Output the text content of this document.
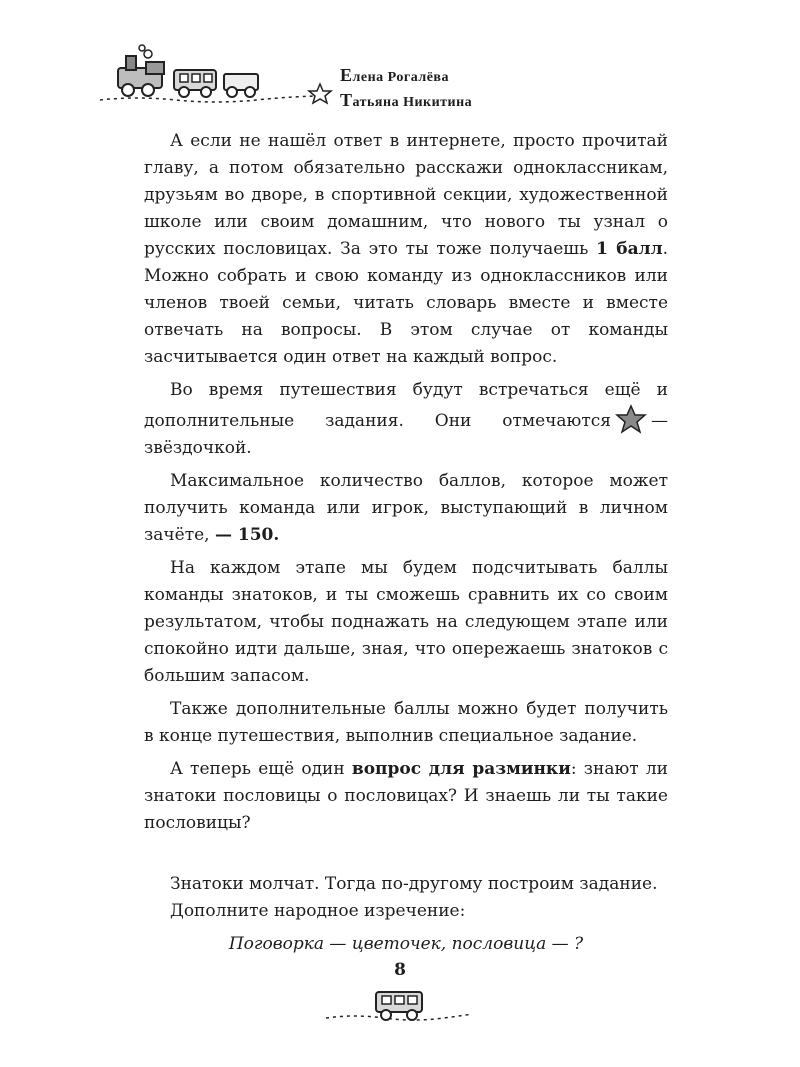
Елена Рогалёва
Татьяна Никитина

А если не нашёл ответ в интернете, просто прочитай главу, а потом обязательно расскажи одноклассникам, друзьям во дворе, в спортивной секции, художественной школе или своим домашним, что нового ты узнал о русских пословицах. За это ты тоже получаешь 1 балл. Можно собрать и свою команду из одноклассников или членов твоей семьи, читать словарь вместе и вместе отвечать на вопросы. В этом случае от команды засчитывается один ответ на каждый вопрос.

Во время путешествия будут встречаться ещё и дополнительные задания. Они отмечаются — звёздочкой.

Максимальное количество баллов, которое может получить команда или игрок, выступающий в личном зачёте, — 150.

На каждом этапе мы будем подсчитывать баллы команды знатоков, и ты сможешь сравнить их со своим результатом, чтобы поднажать на следующем этапе или спокойно идти дальше, зная, что опережаешь знатоков с большим запасом.

Также дополнительные баллы можно будет получить в конце путешествия, выполнив специальное задание.

А теперь ещё один вопрос для разминки: знают ли знатоки пословицы о пословицах? И знаешь ли ты такие пословицы?

Знатоки молчат. Тогда по-другому построим задание.

Дополните народное изречение:

Поговорка — цветочек, пословица — ?

8
